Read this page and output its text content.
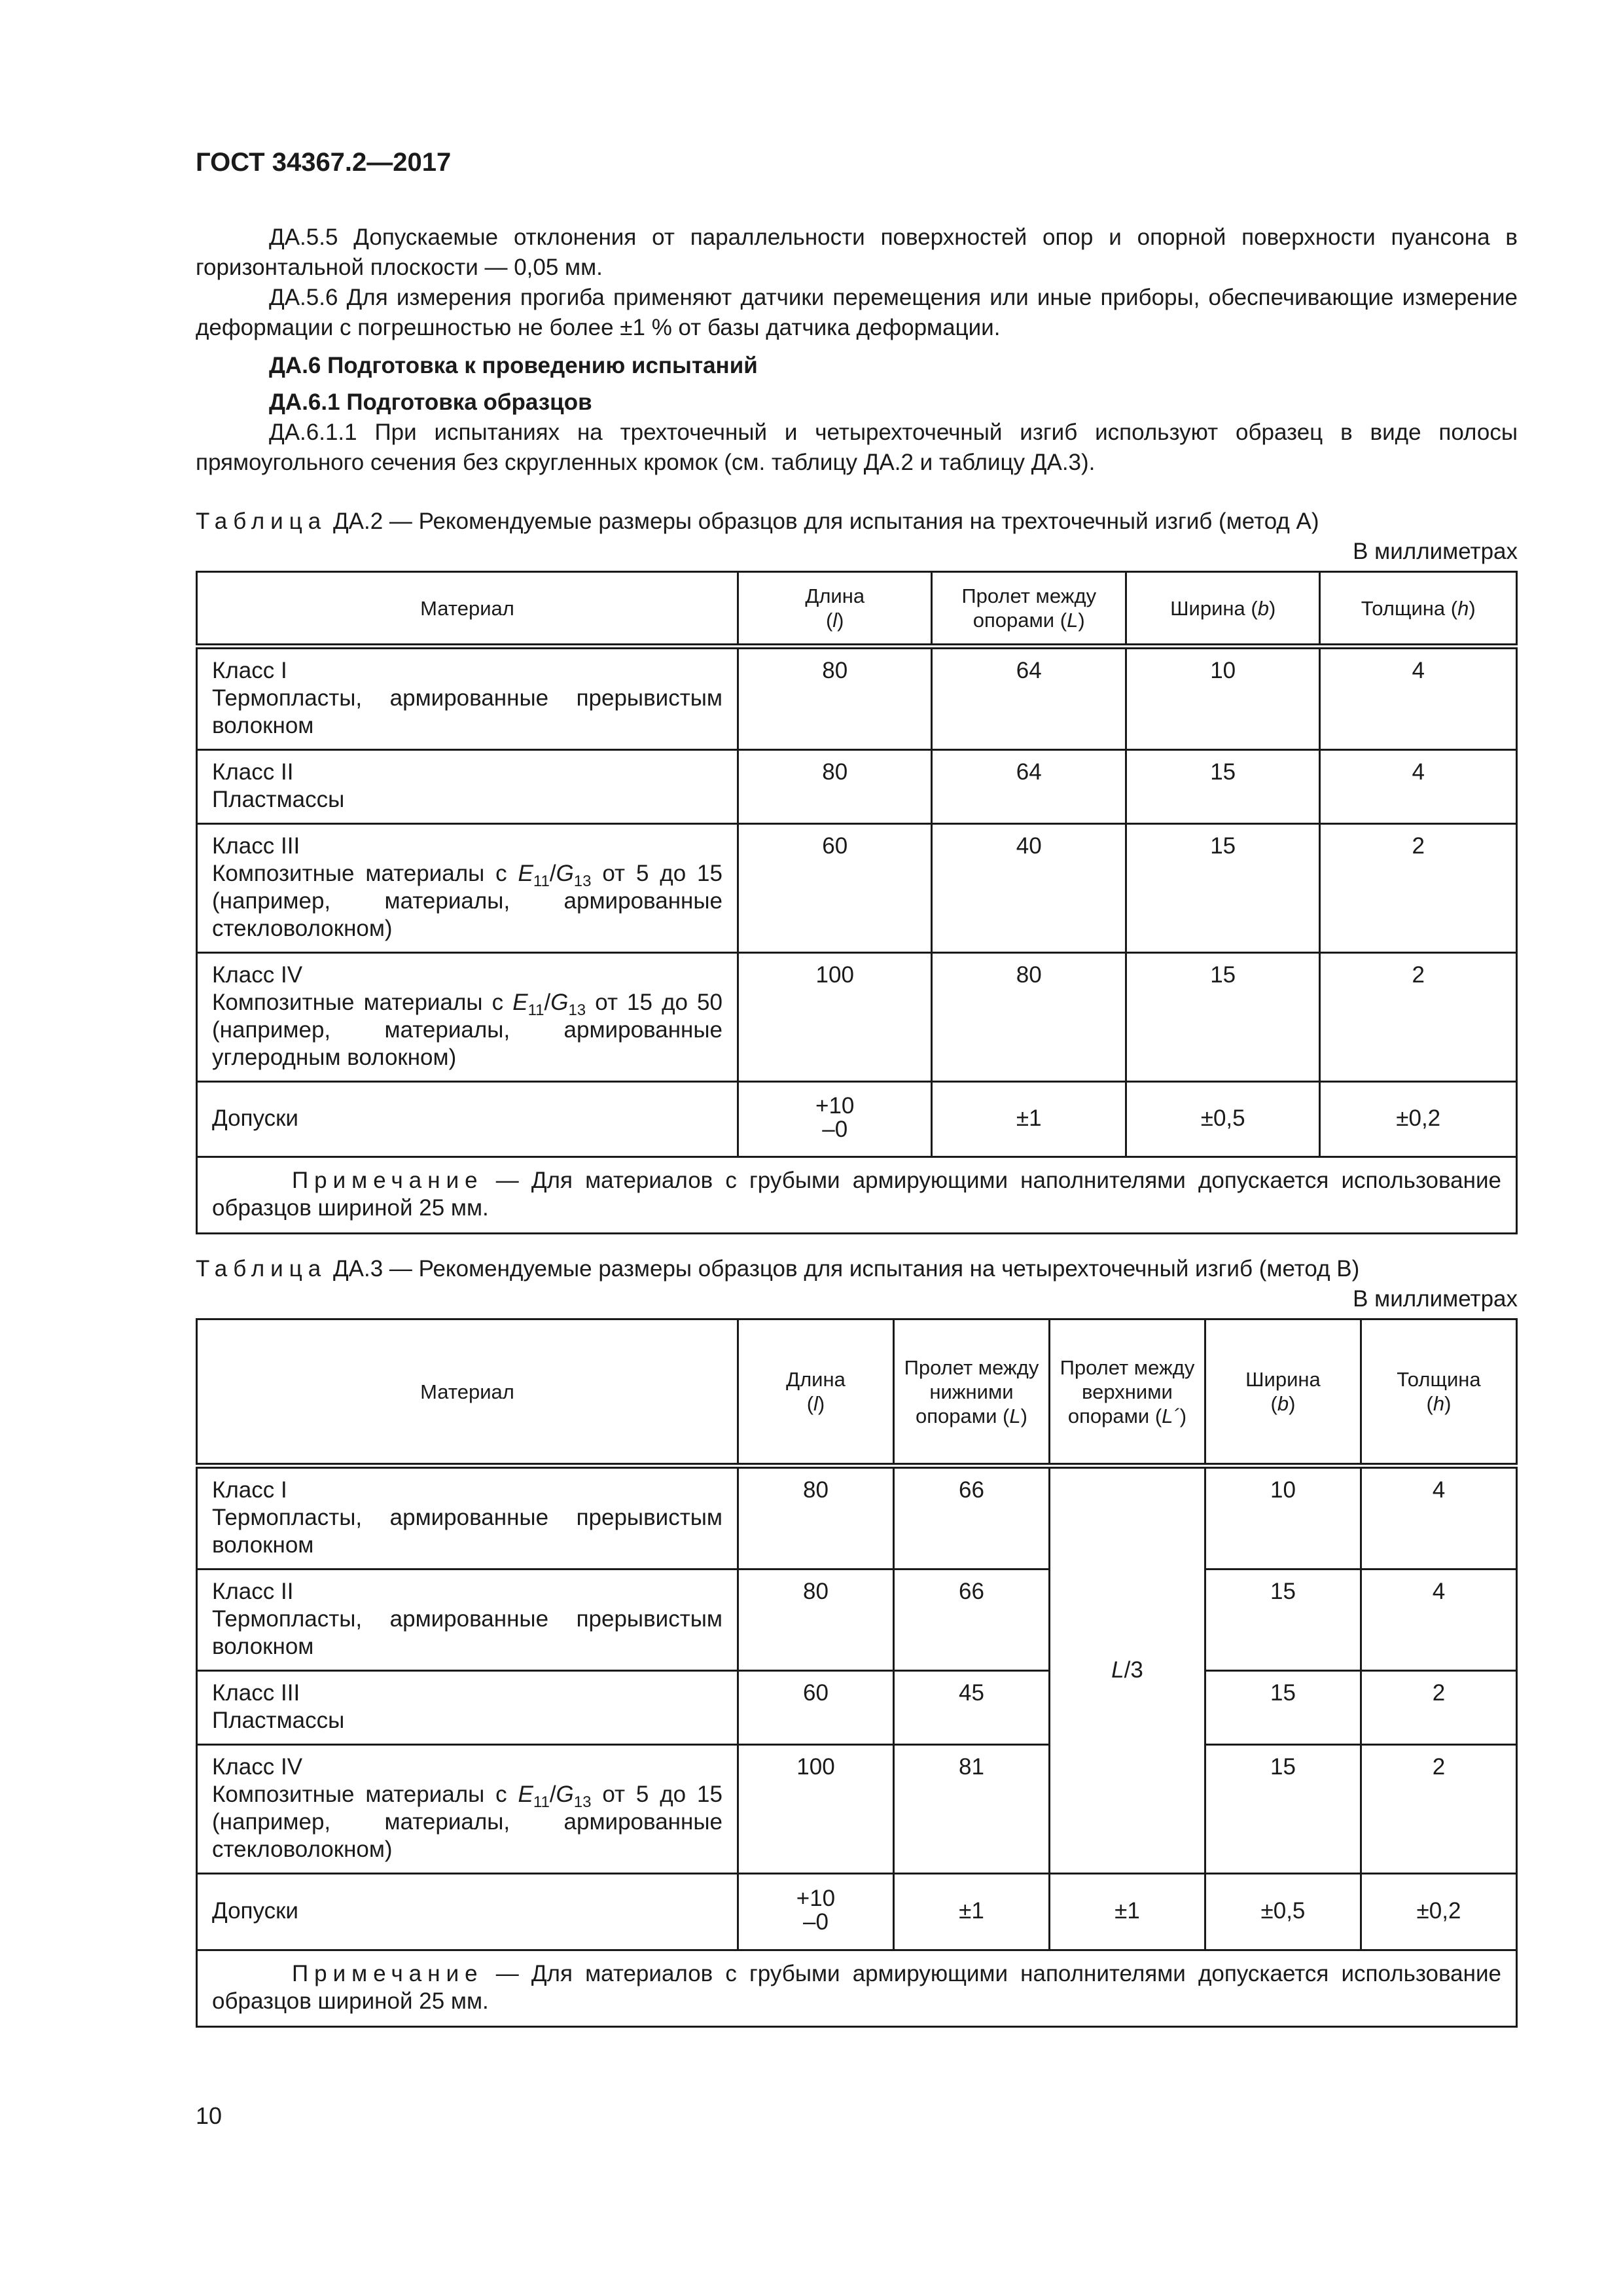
ГОСТ 34367.2—2017

ДА.5.5 Допускаемые отклонения от параллельности поверхностей опор и опорной поверхности пуансона в горизонтальной плоскости — 0,05 мм.

ДА.5.6 Для измерения прогиба применяют датчики перемещения или иные приборы, обеспечивающие измерение деформации с погрешностью не более ±1 % от базы датчика деформации.

ДА.6 Подготовка к проведению испытаний

ДА.6.1 Подготовка образцов

ДА.6.1.1 При испытаниях на трехточечный и четырехточечный изгиб используют образец в виде полосы прямоугольного сечения без скругленных кромок (см. таблицу ДА.2 и таблицу ДА.3).

Таблица ДА.2 — Рекомендуемые размеры образцов для испытания на трехточечный изгиб (метод А)

В миллиметрах

Материал	Длина
(l)	Пролет между опорами (L)	Ширина (b)	Толщина (h)
Класс I
Термопласты, армированные прерывистым волокном	80	64	10	4
Класс II
Пластмассы	80	64	15	4
Класс III
Композитные материалы с $E_{11}/G_{13}$ от 5 до 15 (например, материалы, армированные стекловолокном)	60	40	15	2
Класс IV
Композитные материалы с $E_{11}/G_{13}$ от 15 до 50 (например, материалы, армированные углеродным волокном)	100	80	15	2
Допуски	+10
–0	±1	±0,5	±0,2
Примечание — Для материалов с грубыми армирующими наполнителями допускается использование образцов шириной 25 мм.				

Таблица ДА.3 — Рекомендуемые размеры образцов для испытания на четырехточечный изгиб (метод В)

В миллиметрах

Материал	Длина
(l)	Пролет между нижними опорами (L)	Пролет между верхними опорами (L´)	Ширина
(b)	Толщина
(h)
Класс I
Термопласты, армированные прерывистым волокном	80	66	L/3	10	4
Класс II
Термопласты, армированные прерывистым волокном	80	66		15	4
Класс III
Пластмассы	60	45		15	2
Класс IV
Композитные материалы с $E_{11}/G_{13}$ от 5 до 15 (например, материалы, армированные стекловолокном)	100	81		15	2
Допуски	+10
–0	±1	±1	±0,5	±0,2
Примечание — Для материалов с грубыми армирующими наполнителями допускается использование образцов шириной 25 мм.					
10
